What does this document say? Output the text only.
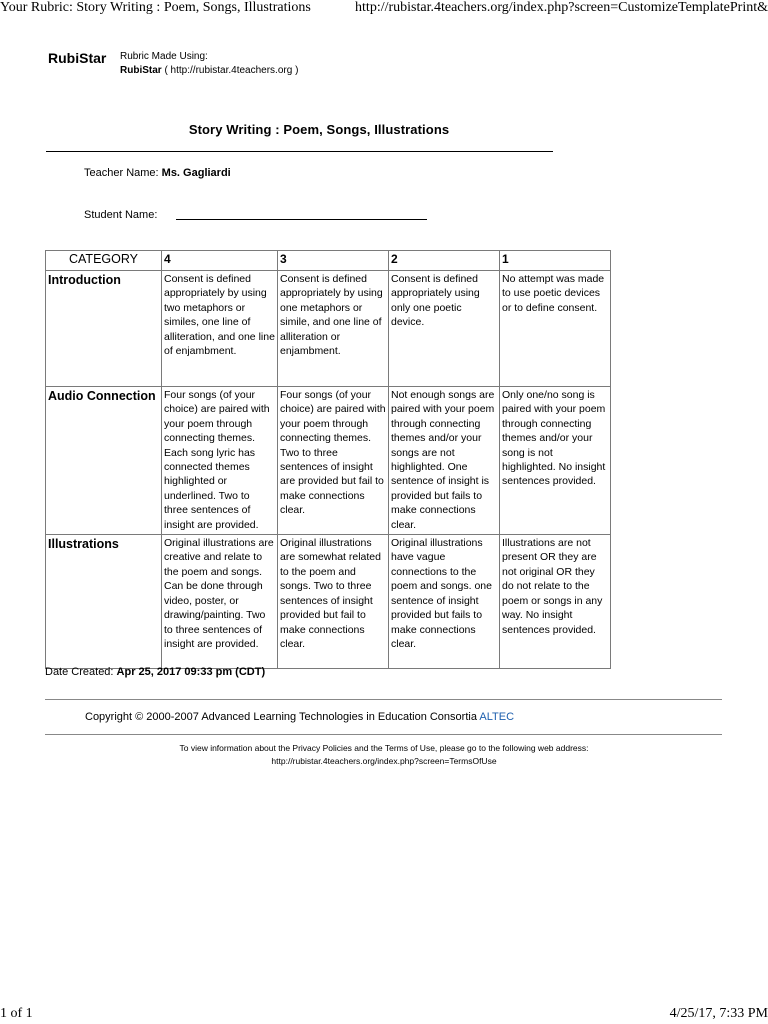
Your Rubric: Story Writing : Poem, Songs, Illustrations	http://rubistar.4teachers.org/index.php?screen=CustomizeTemplatePrint&
RubiStar Rubric Made Using:
RubiStar ( http://rubistar.4teachers.org )
Story Writing : Poem, Songs, Illustrations
Teacher Name: Ms. Gagliardi
Student Name:
CATEGORY	4	3	2	1
Introduction	Consent is defined appropriately by using two metaphors or similes, one line of alliteration, and one line of enjambment.	Consent is defined appropriately by using one metaphors or simile, and one line of alliteration or enjambment.	Consent is defined appropriately using only one poetic device.	No attempt was made to use poetic devices or to define consent.
Audio Connection	Four songs (of your choice) are paired with your poem through connecting themes. Each song lyric has connected themes highlighted or underlined. Two to three sentences of insight are provided.	Four songs (of your choice) are paired with your poem through connecting themes. Two to three sentences of insight are provided but fail to make connections clear.	Not enough songs are paired with your poem through connecting themes and/or your songs are not highlighted. One sentence of insight is provided but fails to make connections clear.	Only one/no song is paired with your poem through connecting themes and/or your song is not highlighted. No insight sentences provided.
Illustrations	Original illustrations are creative and relate to the poem and songs. Can be done through video, poster, or drawing/painting. Two to three sentences of insight are provided.	Original illustrations are somewhat related to the poem and songs. Two to three sentences of insight provided but fail to make connections clear.	Original illustrations have vague connections to the poem and songs. one sentence of insight provided but fails to make connections clear.	Illustrations are not present OR they are not original OR they do not relate to the poem or songs in any way. No insight sentences provided.
Date Created: Apr 25, 2017 09:33 pm (CDT)
Copyright © 2000-2007 Advanced Learning Technologies in Education Consortia ALTEC
To view information about the Privacy Policies and the Terms of Use, please go to the following web address:
http://rubistar.4teachers.org/index.php?screen=TermsOfUse
1 of 1	4/25/17, 7:33 PM
